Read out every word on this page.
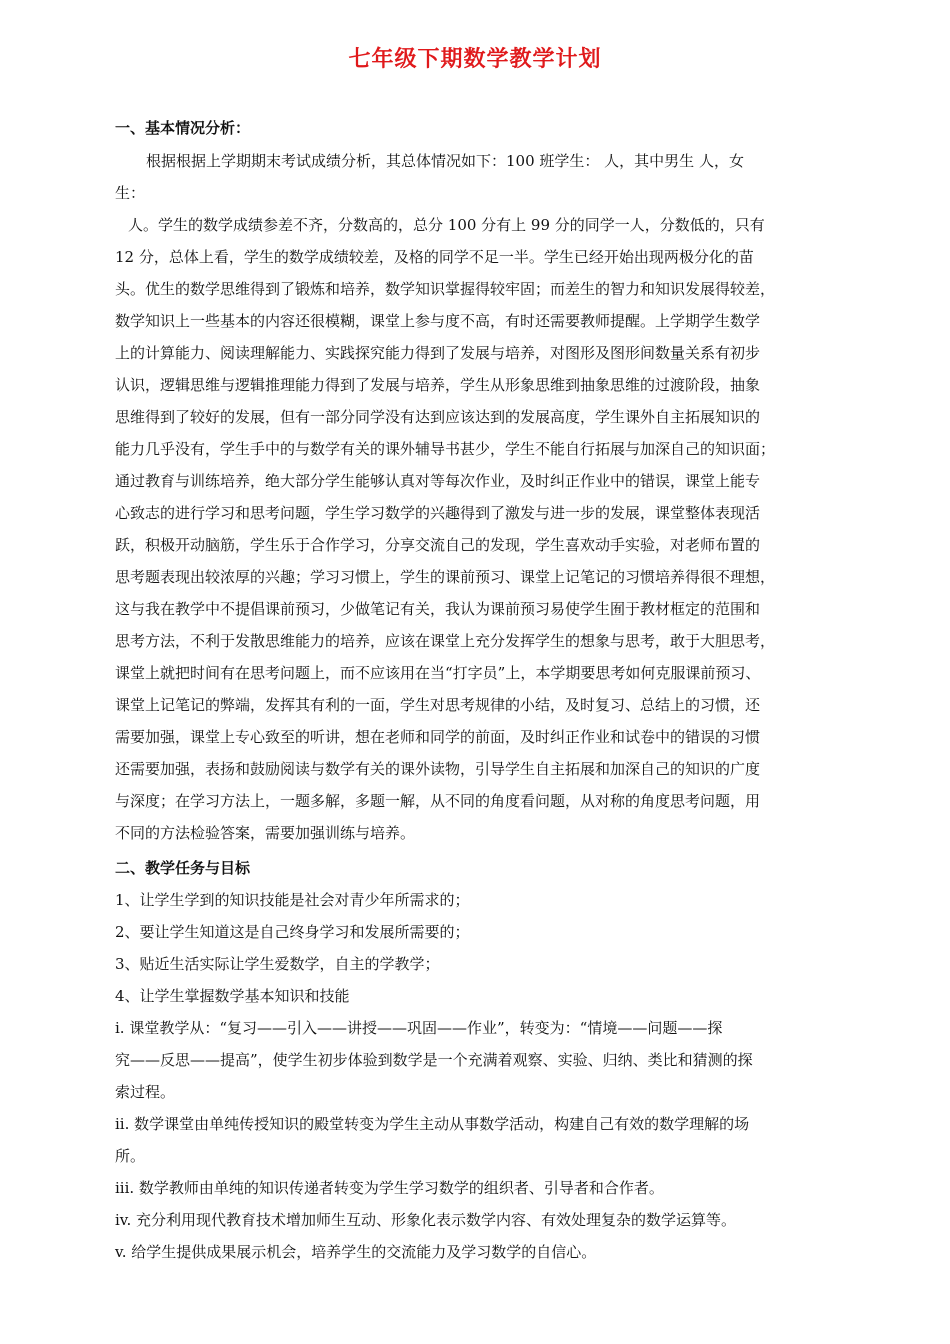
七年级下期数学教学计划
一、基本情况分析：
根据根据上学期期末考试成绩分析，其总体情况如下：100 班学生： 人，其中男生 人，女
生：
人。学生的数学成绩参差不齐，分数高的，总分 100 分有上 99 分的同学一人，分数低的，只有
12 分，总体上看，学生的数学成绩较差，及格的同学不足一半。学生已经开始出现两极分化的苗
头。优生的数学思维得到了锻炼和培养，数学知识掌握得较牢固；而差生的智力和知识发展得较差，
数学知识上一些基本的内容还很模糊，课堂上参与度不高，有时还需要教师提醒。上学期学生数学
上的计算能力、阅读理解能力、实践探究能力得到了发展与培养，对图形及图形间数量关系有初步
认识，逻辑思维与逻辑推理能力得到了发展与培养，学生从形象思维到抽象思维的过渡阶段，抽象
思维得到了较好的发展，但有一部分同学没有达到应该达到的发展高度，学生课外自主拓展知识的
能力几乎没有，学生手中的与数学有关的课外辅导书甚少，学生不能自行拓展与加深自己的知识面；
通过教育与训练培养，绝大部分学生能够认真对等每次作业，及时纠正作业中的错误，课堂上能专
心致志的进行学习和思考问题，学生学习数学的兴趣得到了激发与进一步的发展，课堂整体表现活
跃，积极开动脑筋，学生乐于合作学习，分享交流自己的发现，学生喜欢动手实验，对老师布置的
思考题表现出较浓厚的兴趣；学习习惯上，学生的课前预习、课堂上记笔记的习惯培养得很不理想，
这与我在教学中不提倡课前预习，少做笔记有关，我认为课前预习易使学生囿于教材框定的范围和
思考方法，不利于发散思维能力的培养，应该在课堂上充分发挥学生的想象与思考，敢于大胆思考，
课堂上就把时间有在思考问题上，而不应该用在当“打字员”上，本学期要思考如何克服课前预习、
课堂上记笔记的弊端，发挥其有利的一面，学生对思考规律的小结，及时复习、总结上的习惯，还
需要加强，课堂上专心致至的听讲，想在老师和同学的前面，及时纠正作业和试卷中的错误的习惯
还需要加强，表扬和鼓励阅读与数学有关的课外读物，引导学生自主拓展和加深自己的知识的广度
与深度；在学习方法上，一题多解，多题一解，从不同的角度看问题，从对称的角度思考问题，用
不同的方法检验答案，需要加强训练与培养。
二、教学任务与目标
1、让学生学到的知识技能是社会对青少年所需求的；
2、要让学生知道这是自己终身学习和发展所需要的；
3、贴近生活实际让学生爱数学，自主的学教学；
4、让学生掌握数学基本知识和技能
i. 课堂教学从：“复习——引入——讲授——巩固——作业”，转变为：“情境——问题——探
究——反思——提高”，使学生初步体验到数学是一个充满着观察、实验、归纳、类比和猜测的探
索过程。
ii. 数学课堂由单纯传授知识的殿堂转变为学生主动从事数学活动，构建自己有效的数学理解的场
所。
iii. 数学教师由单纯的知识传递者转变为学生学习数学的组织者、引导者和合作者。
iv. 充分利用现代教育技术增加师生互动、形象化表示数学内容、有效处理复杂的数学运算等。
v. 给学生提供成果展示机会，培养学生的交流能力及学习数学的自信心。
